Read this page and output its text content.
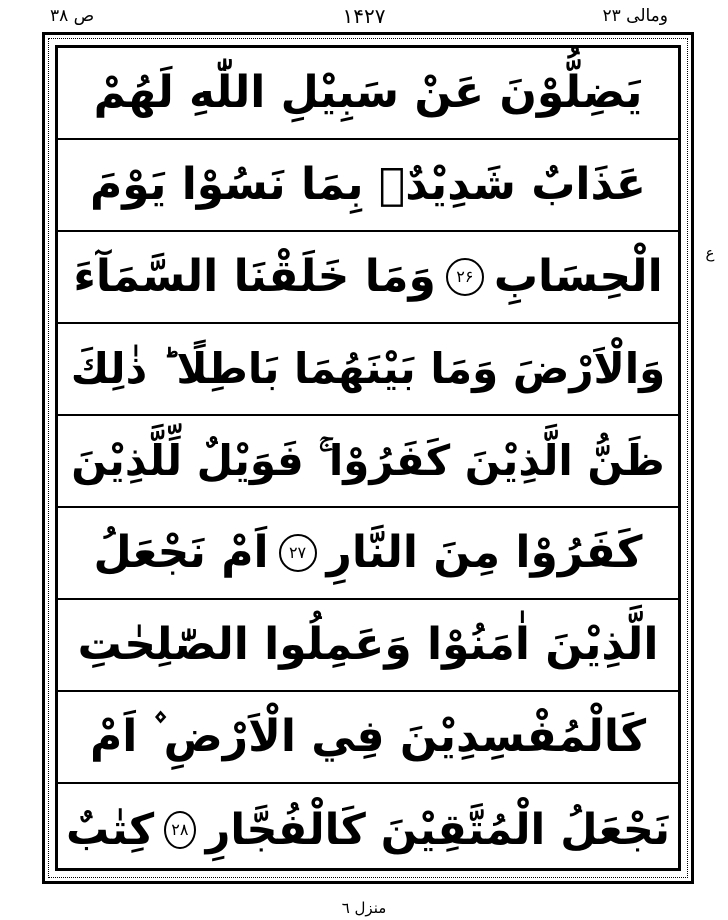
ص ۳۸	۱۴۲۷	ومالی ۲۳
يَضِلُّوْنَ عَنْ سَبِيْلِ اللّٰهِ لَهُمْ
عَذَابٌ شَدِيْدٌۢ بِمَا نَسُوْا يَوْمَ
الْحِسَابِ
۲۶
وَمَا خَلَقْنَا السَّمَآءَ
وَالْاَرْضَ وَمَا بَيْنَهُمَا بَاطِلًا ؕ ذٰلِكَ
ظَنُّ الَّذِيْنَ كَفَرُوْا ۚ فَوَيْلٌ لِّلَّذِيْنَ
كَفَرُوْا مِنَ النَّارِ
۲۷
اَمْ نَجْعَلُ
الَّذِيْنَ اٰمَنُوْا وَعَمِلُوا الصّٰلِحٰتِ
كَالْمُفْسِدِيْنَ فِي الْاَرْضِ ۫ اَمْ
نَجْعَلُ الْمُتَّقِيْنَ كَالْفُجَّارِ
۲۸
كِتٰبٌ
ع
منزل ٦
